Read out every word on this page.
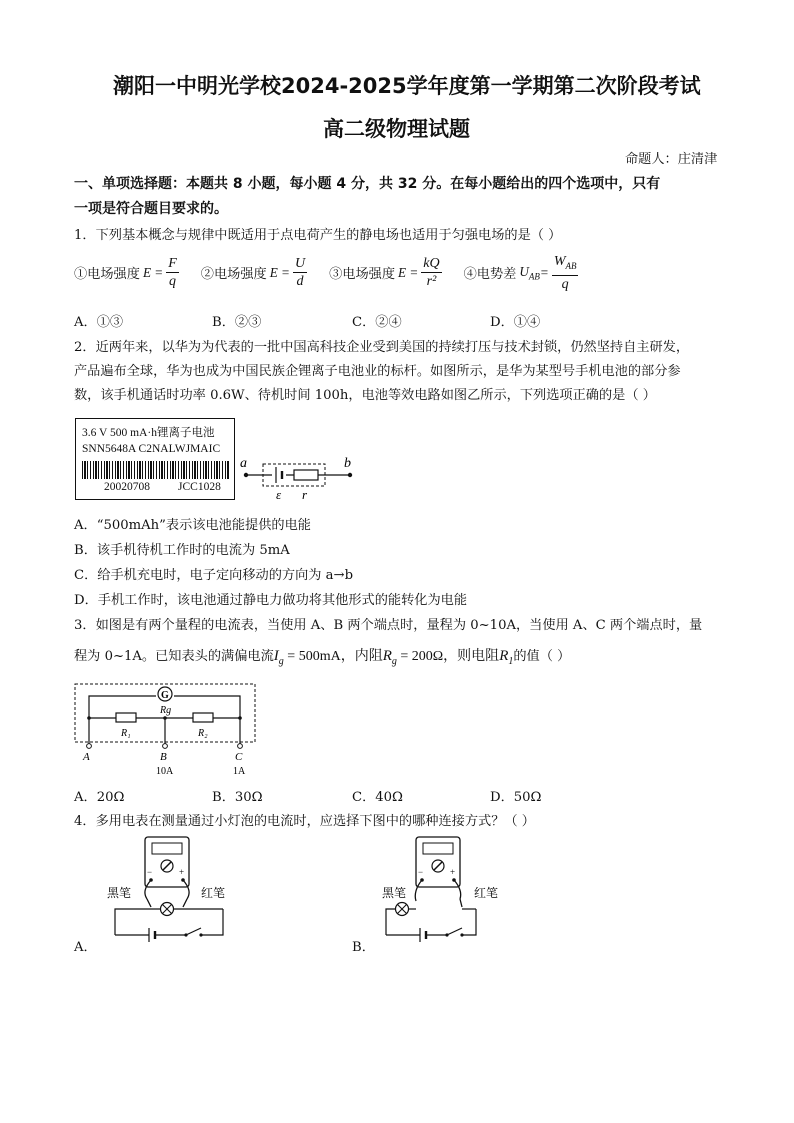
潮阳一中明光学校2024-2025学年度第一学期第二次阶段考试
高二级物理试题
命题人：庄清津
一、单项选择题：本题共 8 小题，每小题 4 分，共 32 分。在每小题给出的四个选项中，只有
一项是符合题目要求的。
1．下列基本概念与规律中既适用于点电荷产生的静电场也适用于匀强电场的是（ ）
①电场强度 $E = \frac{F}{q}$ ②电场强度 $E = \frac{U}{d}$ ③电场强度 $E = \frac{kQ}{\text{r²}}$ ④电势差 $U_{AB} = \frac{W_{AB}}{q}$
A．①③	B．②③	C．②④	D．①④
2．近两年来，以华为为代表的一批中国高科技企业受到美国的持续打压与技术封锁，仍然坚持自主研发，
产品遍布全球，华为也成为中国民族企锂离子电池业的标杆。如图所示，是华为某型号手机电池的部分参
数，该手机通话时功率 0.6W、待机时间 100h，电池等效电路如图乙所示，下列选项正确的是（ ）
3.6 V 500 mA·h锂离子电池
SNN5648A C2NALWJMAIC
20020708 JCC1028
a	b
ε r
A．“500mAh”表示该电池能提供的电能
B．该手机待机工作时的电流为 5mA
C．给手机充电时，电子定向移动的方向为 a→b
D．手机工作时，该电池通过静电力做功将其他形式的能转化为电能
3．如图是有两个量程的电流表，当使用 A、B 两个端点时，量程为 0~10A，当使用 A、C 两个端点时，量
程为 0~1A。已知表头的满偏电流$I_g = 500mA$，内阻$R_g = 200\Omega$，则电阻$R_1$的值（ ）
G
Rg
R₁	R₂
A	B	C
10A	1A
A．20Ω	B．30Ω	C．40Ω	D．50Ω
4．多用电表在测量通过小灯泡的电流时，应选择下图中的哪种连接方式？（ ）
−	+
黑笔	红笔
A．
−	+
黑笔	红笔
B．
